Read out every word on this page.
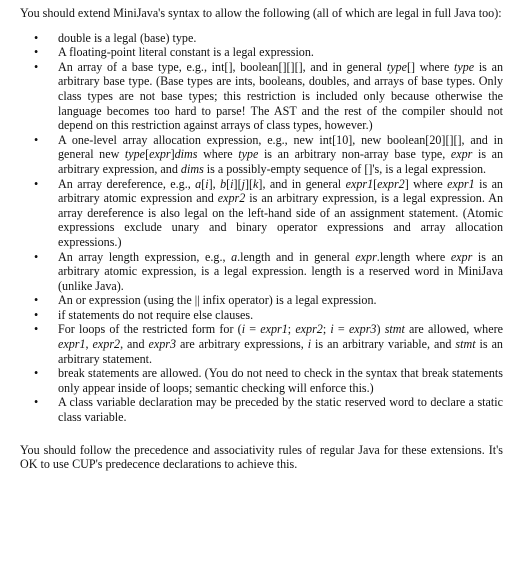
You should extend MiniJava's syntax to allow the following (all of which are legal in full Java too):

• double is a legal (base) type.
• A floating-point literal constant is a legal expression.
• An array of a base type, e.g., int[], boolean[][][], and in general type[] where type is an arbitrary base type. (Base types are ints, booleans, doubles, and arrays of base types. Only class types are not base types; this restriction is included only because otherwise the language becomes too hard to parse! The AST and the rest of the compiler should not depend on this restriction against arrays of class types, however.)
• A one-level array allocation expression, e.g., new int[10], new boolean[20][][], and in general new type[expr]dims where type is an arbitrary non-array base type, expr is an arbitrary expression, and dims is a possibly-empty sequence of []'s, is a legal expression.
• An array dereference, e.g., a[i], b[i][j][k], and in general expr1[expr2] where expr1 is an arbitrary atomic expression and expr2 is an arbitrary expression, is a legal expression. An array dereference is also legal on the left-hand side of an assignment statement. (Atomic expressions exclude unary and binary operator expressions and array allocation expressions.)
• An array length expression, e.g., a.length and in general expr.length where expr is an arbitrary atomic expression, is a legal expression. length is a reserved word in MiniJava (unlike Java).
• An or expression (using the || infix operator) is a legal expression.
• if statements do not require else clauses.
• For loops of the restricted form for (i = expr1; expr2; i = expr3) stmt are allowed, where expr1, expr2, and expr3 are arbitrary expressions, i is an arbitrary variable, and stmt is an arbitrary statement.
• break statements are allowed. (You do not need to check in the syntax that break statements only appear inside of loops; semantic checking will enforce this.)
• A class variable declaration may be preceded by the static reserved word to declare a static class variable.

You should follow the precedence and associativity rules of regular Java for these extensions. It's OK to use CUP's predecence declarations to achieve this.
